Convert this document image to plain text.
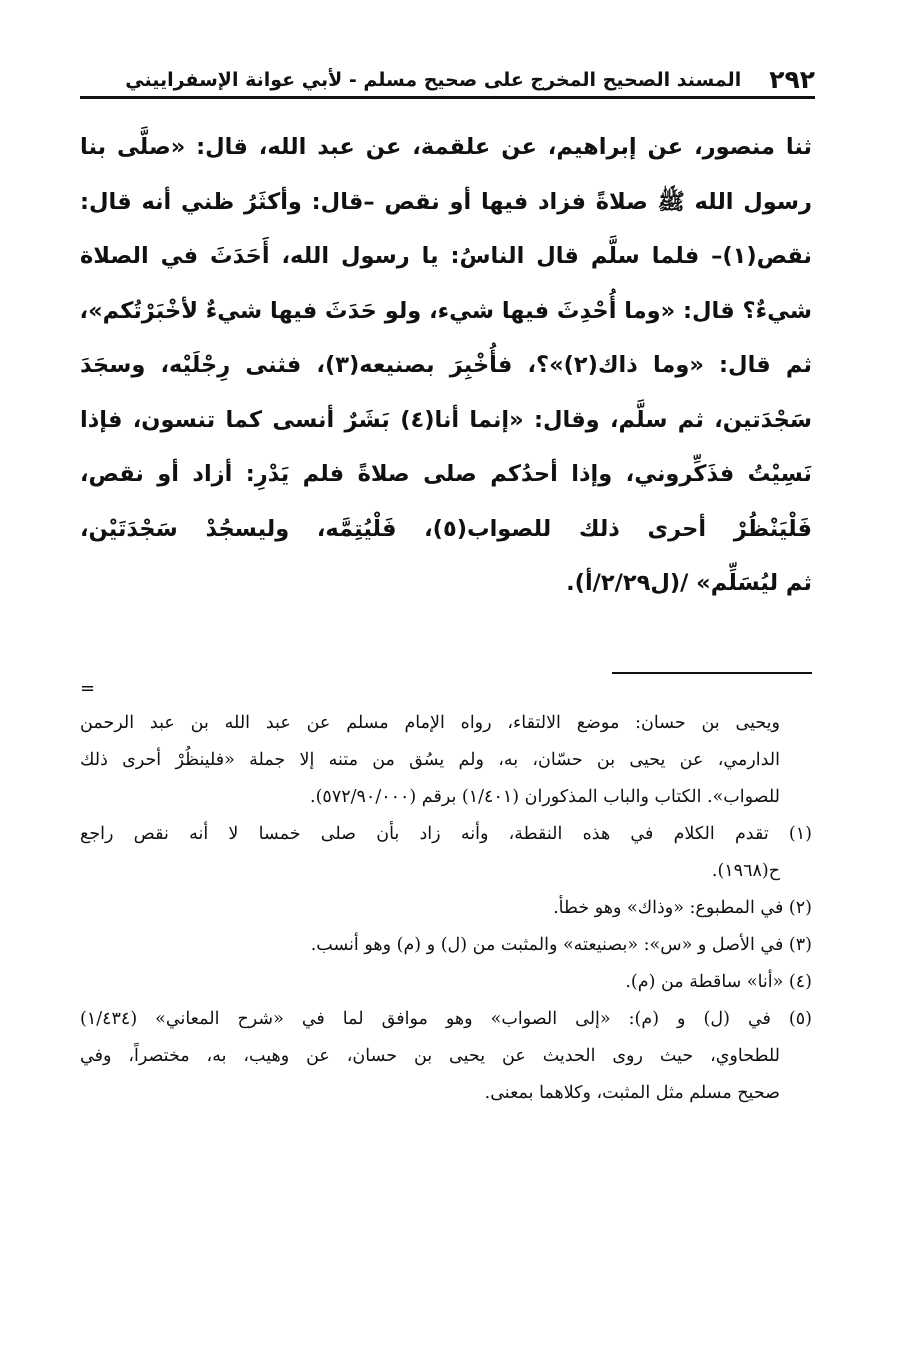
٢٩٢
المسند الصحيح المخرج على صحيح مسلم - لأبي عوانة الإسفراييني
ثنا منصور، عن إبراهيم، عن علقمة، عن عبد الله، قال: «صلَّى بنا
رسول الله ﷺ صلاةً فزاد فيها أو نقص –قال: وأكثَرُ ظني أنه قال:
نقص(١)– فلما سلَّم قال الناسُ: يا رسول الله، أَحَدَثَ في الصلاة
شيءٌ؟ قال: «وما أُحْدِثَ فيها شيء، ولو حَدَثَ فيها شيءٌ لأخْبَرْتُكم»،
ثم قال: «وما ذاك(٢)»؟، فأُخْبِرَ بصنيعه(٣)، فثنى رِجْلَيْه، وسجَدَ
سَجْدَتين، ثم سلَّم، وقال: «إنما أنا(٤) بَشَرٌ أنسى كما تنسون، فإذا
نَسِيْتُ فذَكِّروني، وإذا أحدُكم صلى صلاةً فلم يَدْرِ: أزاد أو نقص،
فَلْيَنْظُرْ أحرى ذلك للصواب(٥)، فَلْيُتِمَّه، وليسجُدْ سَجْدَتَيْن،
ثم ليُسَلِّم» /(ل٢/٢٩/أ).
=
ويحيى بن حسان: موضع الالتقاء، رواه الإمام مسلم عن عبد الله بن عبد الرحمن
الدارمي، عن يحيى بن حسّان، به، ولم يسُق من متنه إلا جملة «فلينظُرْ أحرى ذلك
للصواب». الكتاب والباب المذكوران (١/٤٠١) برقم (٥٧٢/٩٠/٠٠٠).
(١) تقدم الكلام في هذه النقطة، وأنه زاد بأن صلى خمسا لا أنه نقص راجع
ح(١٩٦٨).
(٢) في المطبوع: «وذاك» وهو خطأ.
(٣) في الأصل و «س»: «بصنيعته» والمثبت من (ل) و (م) وهو أنسب.
(٤) «أنا» ساقطة من (م).
(٥) في (ل) و (م): «إلى الصواب» وهو موافق لما في «شرح المعاني» (١/٤٣٤)
للطحاوي، حيث روى الحديث عن يحيى بن حسان، عن وهيب، به، مختصراً، وفي
صحيح مسلم مثل المثبت، وكلاهما بمعنى.
